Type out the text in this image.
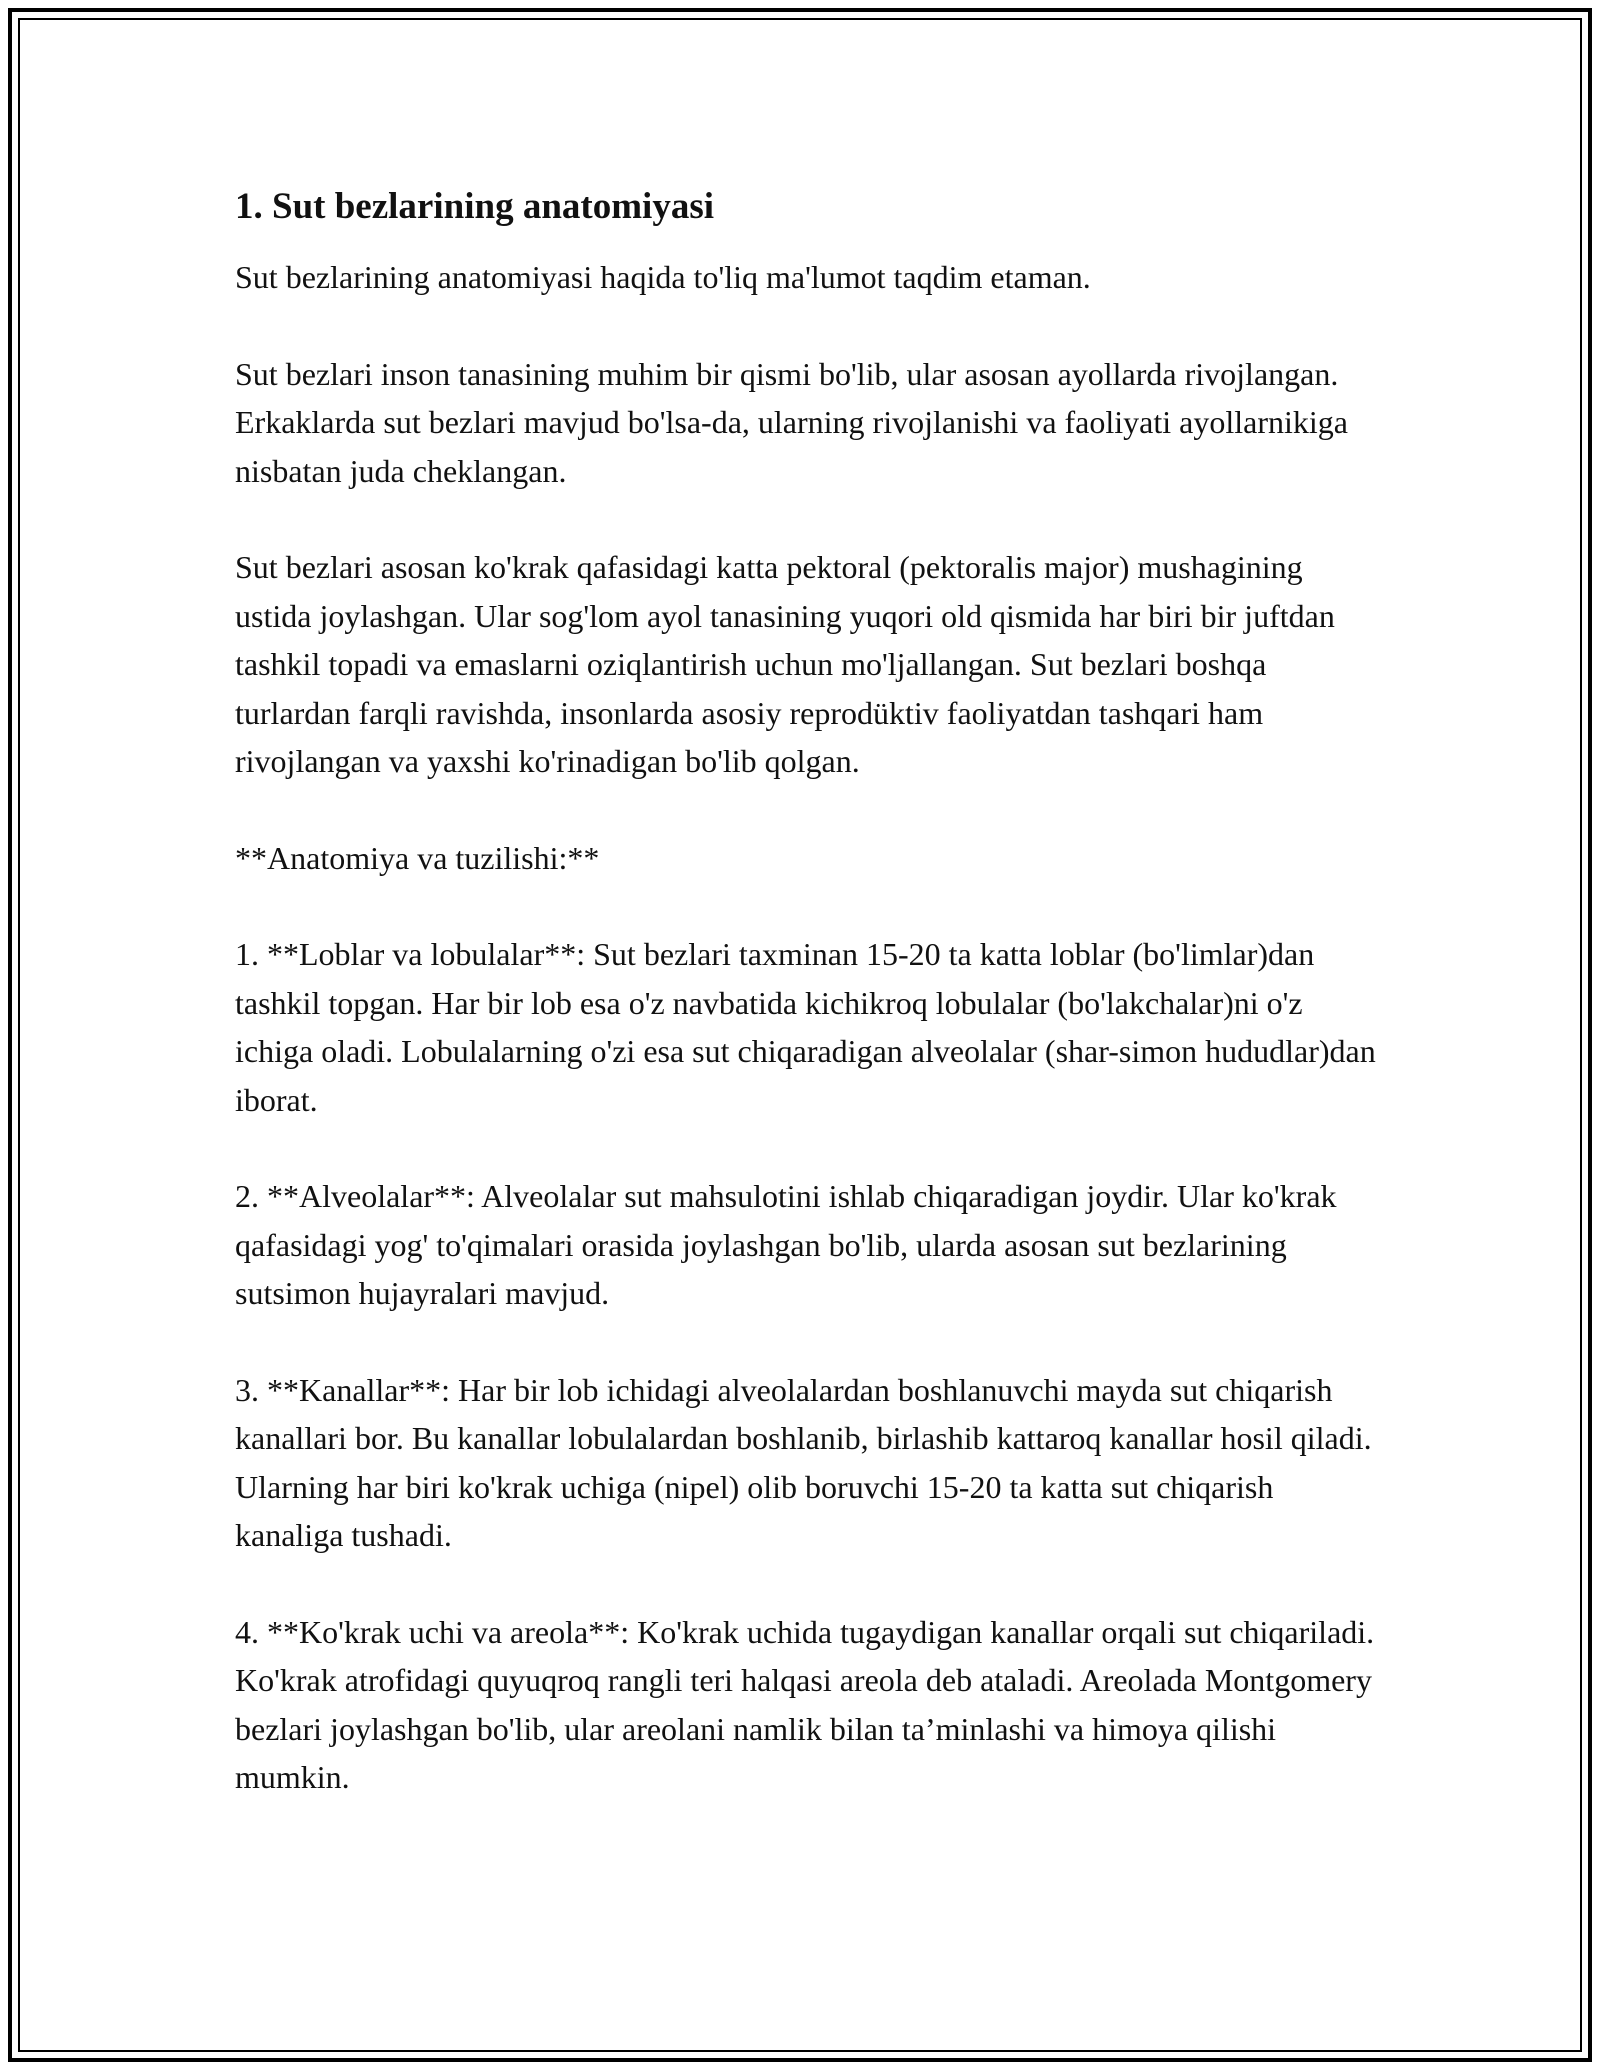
1. Sut bezlarining anatomiyasi

Sut bezlarining anatomiyasi haqida to'liq ma'lumot taqdim etaman.

Sut bezlari inson tanasining muhim bir qismi bo'lib, ular asosan ayollarda rivojlangan. Erkaklarda sut bezlari mavjud bo'lsa-da, ularning rivojlanishi va faoliyati ayollarnikiga nisbatan juda cheklangan.

Sut bezlari asosan ko'krak qafasidagi katta pektoral (pektoralis major) mushagining ustida joylashgan. Ular sog'lom ayol tanasining yuqori old qismida har biri bir juftdan tashkil topadi va emaslarni oziqlantirish uchun mo'ljallangan. Sut bezlari boshqa turlardan farqli ravishda, insonlarda asosiy reprodüktiv faoliyatdan tashqari ham rivojlangan va yaxshi ko'rinadigan bo'lib qolgan.

**Anatomiya va tuzilishi:**

1. **Loblar va lobulalar**: Sut bezlari taxminan 15-20 ta katta loblar (bo'limlar)dan tashkil topgan. Har bir lob esa o'z navbatida kichikroq lobulalar (bo'lakchalar)ni o'z ichiga oladi. Lobulalarning o'zi esa sut chiqaradigan alveolalar (shar-simon hududlar)dan iborat.

2. **Alveolalar**: Alveolalar sut mahsulotini ishlab chiqaradigan joydir. Ular ko'krak qafasidagi yog' to'qimalari orasida joylashgan bo'lib, ularda asosan sut bezlarining sutsimon hujayralari mavjud.

3. **Kanallar**: Har bir lob ichidagi alveolalardan boshlanuvchi mayda sut chiqarish kanallari bor. Bu kanallar lobulalardan boshlanib, birlashib kattaroq kanallar hosil qiladi. Ularning har biri ko'krak uchiga (nipel) olib boruvchi 15-20 ta katta sut chiqarish kanaliga tushadi.

4. **Ko'krak uchi va areola**: Ko'krak uchida tugaydigan kanallar orqali sut chiqariladi. Ko'krak atrofidagi quyuqroq rangli teri halqasi areola deb ataladi. Areolada Montgomery bezlari joylashgan bo'lib, ular areolani namlik bilan ta’minlashi va himoya qilishi mumkin.
